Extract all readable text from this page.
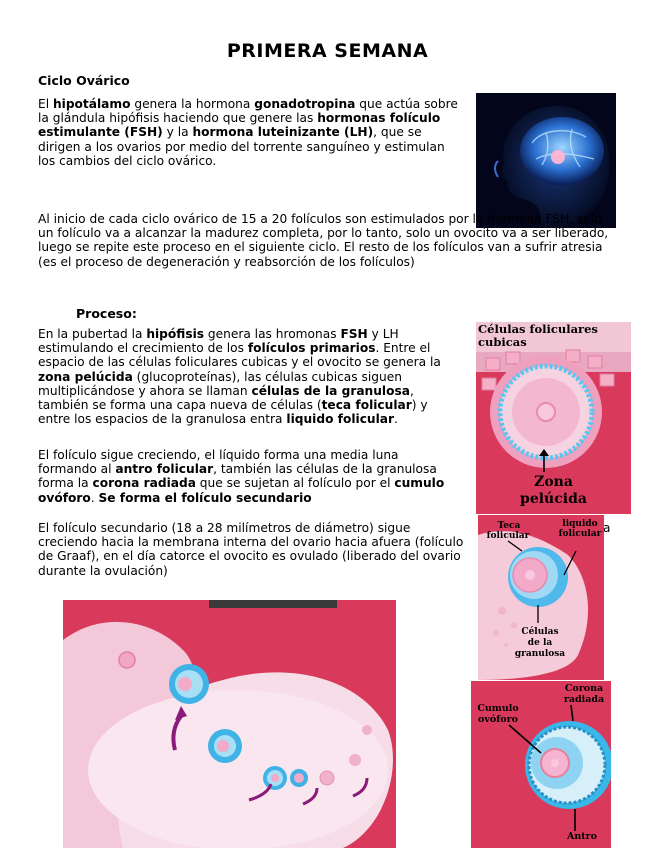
PRIMERA SEMANA
Ciclo Ovárico

El hipotálamo genera la hormona gonadotropina que actúa sobre la glándula hipófisis haciendo que genere las hormonas folículo estimulante (FSH) y la hormona luteinizante (LH), que se dirigen a los ovarios por medio del torrente sanguíneo y estimulan los cambios del ciclo ovárico.

Al inicio de cada ciclo ovárico de 15 a 20 folículos son estimulados por la hormona FSH, solo un folículo va a alcanzar la madurez completa, por lo tanto, solo un ovocito va a ser liberado, luego se repite este proceso en el siguiente ciclo. El resto de los folículos van a sufrir atresia (es el proceso de degeneración y reabsorción de los folículos)

Proceso:

En la pubertad la hipófisis genera las hromonas FSH y LH estimulando el crecimiento de los folículos primarios. Entre el espacio de las células foliculares cubicas y el ovocito se genera la zona pelúcida (glucoproteínas), las células cubicas siguen multiplicándose y ahora se llaman células de la granulosa, también se forma una capa nueva de células (teca folicular) y entre los espacios de la granulosa entra liquido folicular.

El folículo sigue creciendo, el líquido forma una media luna formando al antro folicular, también las células de la granulosa forma la corona radiada que se sujetan al folículo por el cumulo ovóforo. Se forma el folículo secundario

El folículo secundario (18 a 28 milímetros de diámetro) sigue creciendo hacia la membrana interna del ovario hacia afuera (folículo de Graaf), en el día catorce el ovocito es ovulado (liberado del ovario durante la ovulación)

Células foliculares cubicas
Zona
pelúcida
Teca
folicular
liquido
folicular
Células
de la
granulosa
a
Cumulo
ovóforo
Corona
radiada
Antro
